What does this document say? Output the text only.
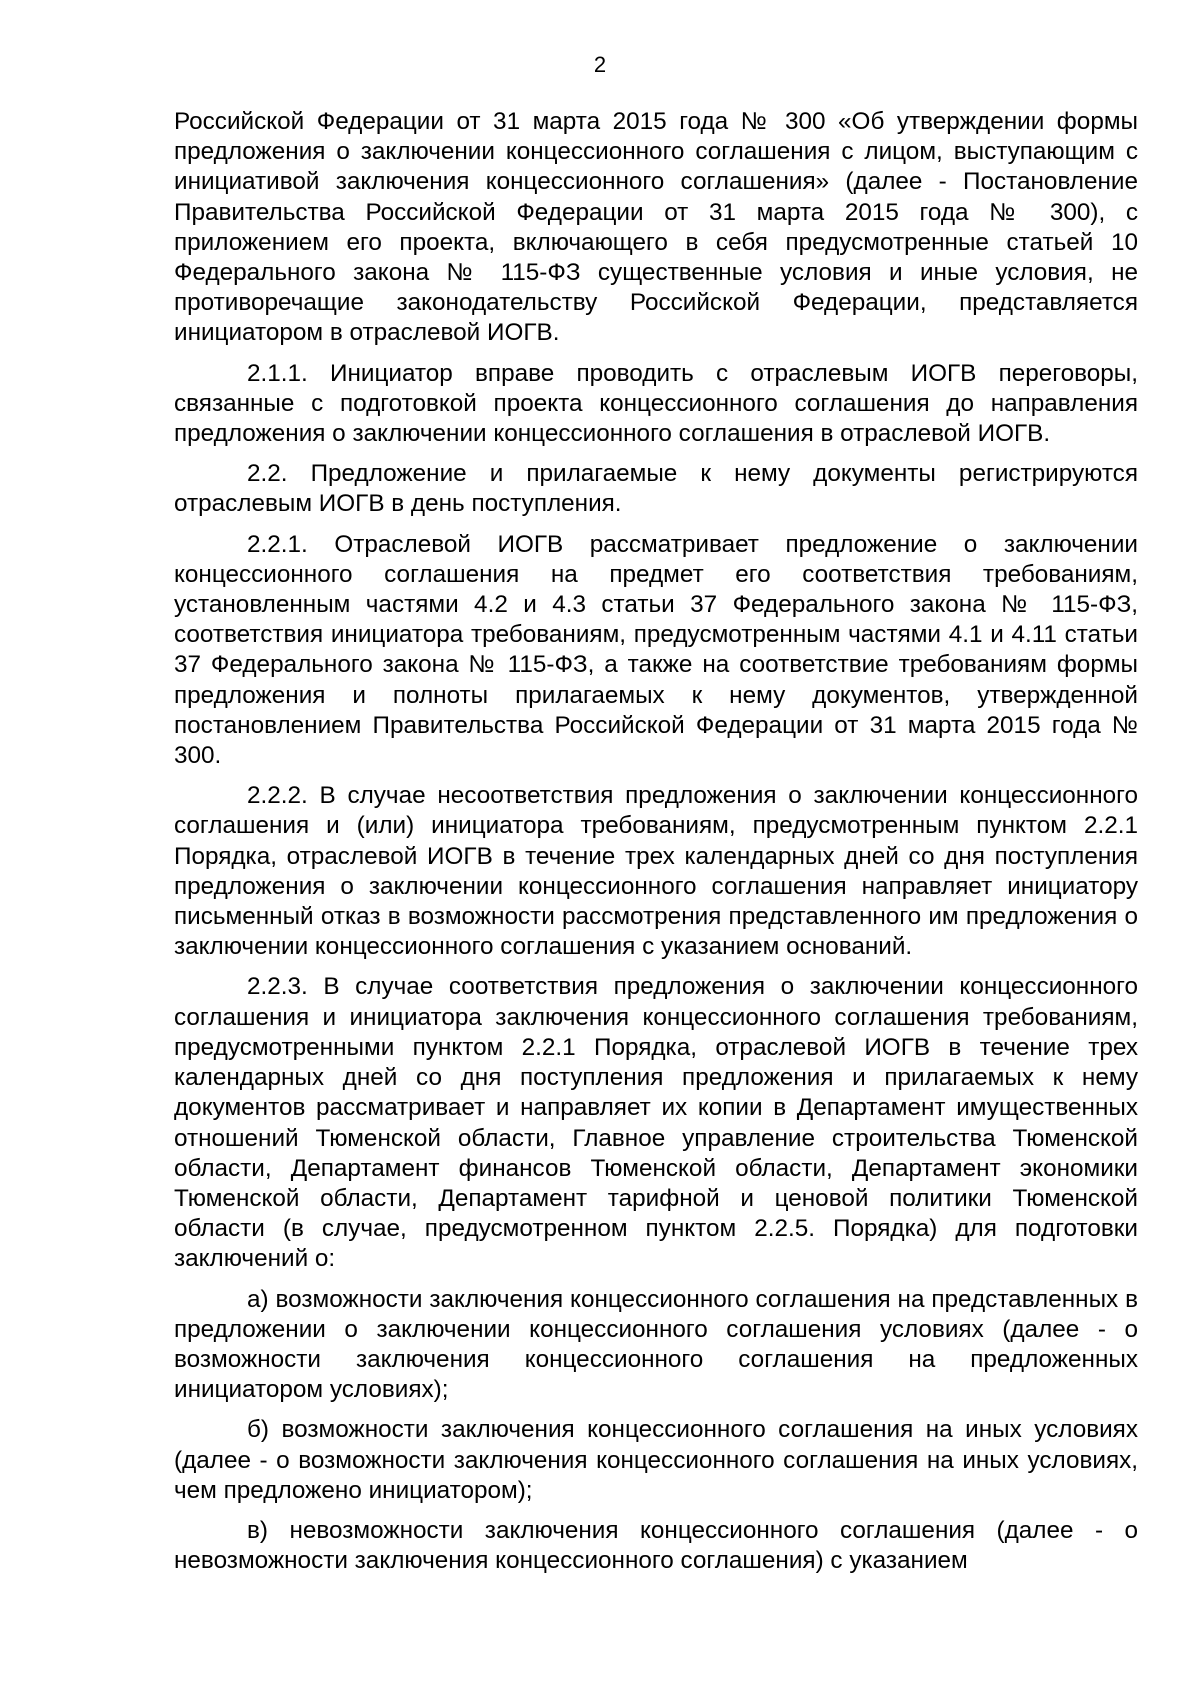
2

Российской Федерации от 31 марта 2015 года № 300 «Об утверждении формы предложения о заключении концессионного соглашения с лицом, выступающим с инициативой заключения концессионного соглашения» (далее - Постановление Правительства Российской Федерации от 31 марта 2015 года № 300), с приложением его проекта, включающего в себя предусмотренные статьей 10 Федерального закона № 115-ФЗ существенные условия и иные условия, не противоречащие законодательству Российской Федерации, представляется инициатором в отраслевой ИОГВ.

2.1.1. Инициатор вправе проводить с отраслевым ИОГВ переговоры, связанные с подготовкой проекта концессионного соглашения до направления предложения о заключении концессионного соглашения в отраслевой ИОГВ.

2.2. Предложение и прилагаемые к нему документы регистрируются отраслевым ИОГВ в день поступления.

2.2.1. Отраслевой ИОГВ рассматривает предложение о заключении концессионного соглашения на предмет его соответствия требованиям, установленным частями 4.2 и 4.3 статьи 37 Федерального закона № 115-ФЗ, соответствия инициатора требованиям, предусмотренным частями 4.1 и 4.11 статьи 37 Федерального закона № 115-ФЗ, а также на соответствие требованиям формы предложения и полноты прилагаемых к нему документов, утвержденной постановлением Правительства Российской Федерации от 31 марта 2015 года № 300.

2.2.2. В случае несоответствия предложения о заключении концессионного соглашения и (или) инициатора требованиям, предусмотренным пунктом 2.2.1 Порядка, отраслевой ИОГВ в течение трех календарных дней со дня поступления предложения о заключении концессионного соглашения направляет инициатору письменный отказ в возможности рассмотрения представленного им предложения о заключении концессионного соглашения с указанием оснований.

2.2.3. В случае соответствия предложения о заключении концессионного соглашения и инициатора заключения концессионного соглашения требованиям, предусмотренными пунктом 2.2.1 Порядка, отраслевой ИОГВ в течение трех календарных дней со дня поступления предложения и прилагаемых к нему документов рассматривает и направляет их копии в Департамент имущественных отношений Тюменской области, Главное управление строительства Тюменской области, Департамент финансов Тюменской области, Департамент экономики Тюменской области, Департамент тарифной и ценовой политики Тюменской области (в случае, предусмотренном пунктом 2.2.5. Порядка) для подготовки заключений о:

а) возможности заключения концессионного соглашения на представленных в предложении о заключении концессионного соглашения условиях (далее - о возможности заключения концессионного соглашения на предложенных инициатором условиях);

б) возможности заключения концессионного соглашения на иных условиях (далее - о возможности заключения концессионного соглашения на иных условиях, чем предложено инициатором);

в) невозможности заключения концессионного соглашения (далее - о невозможности заключения концессионного соглашения) с указанием
